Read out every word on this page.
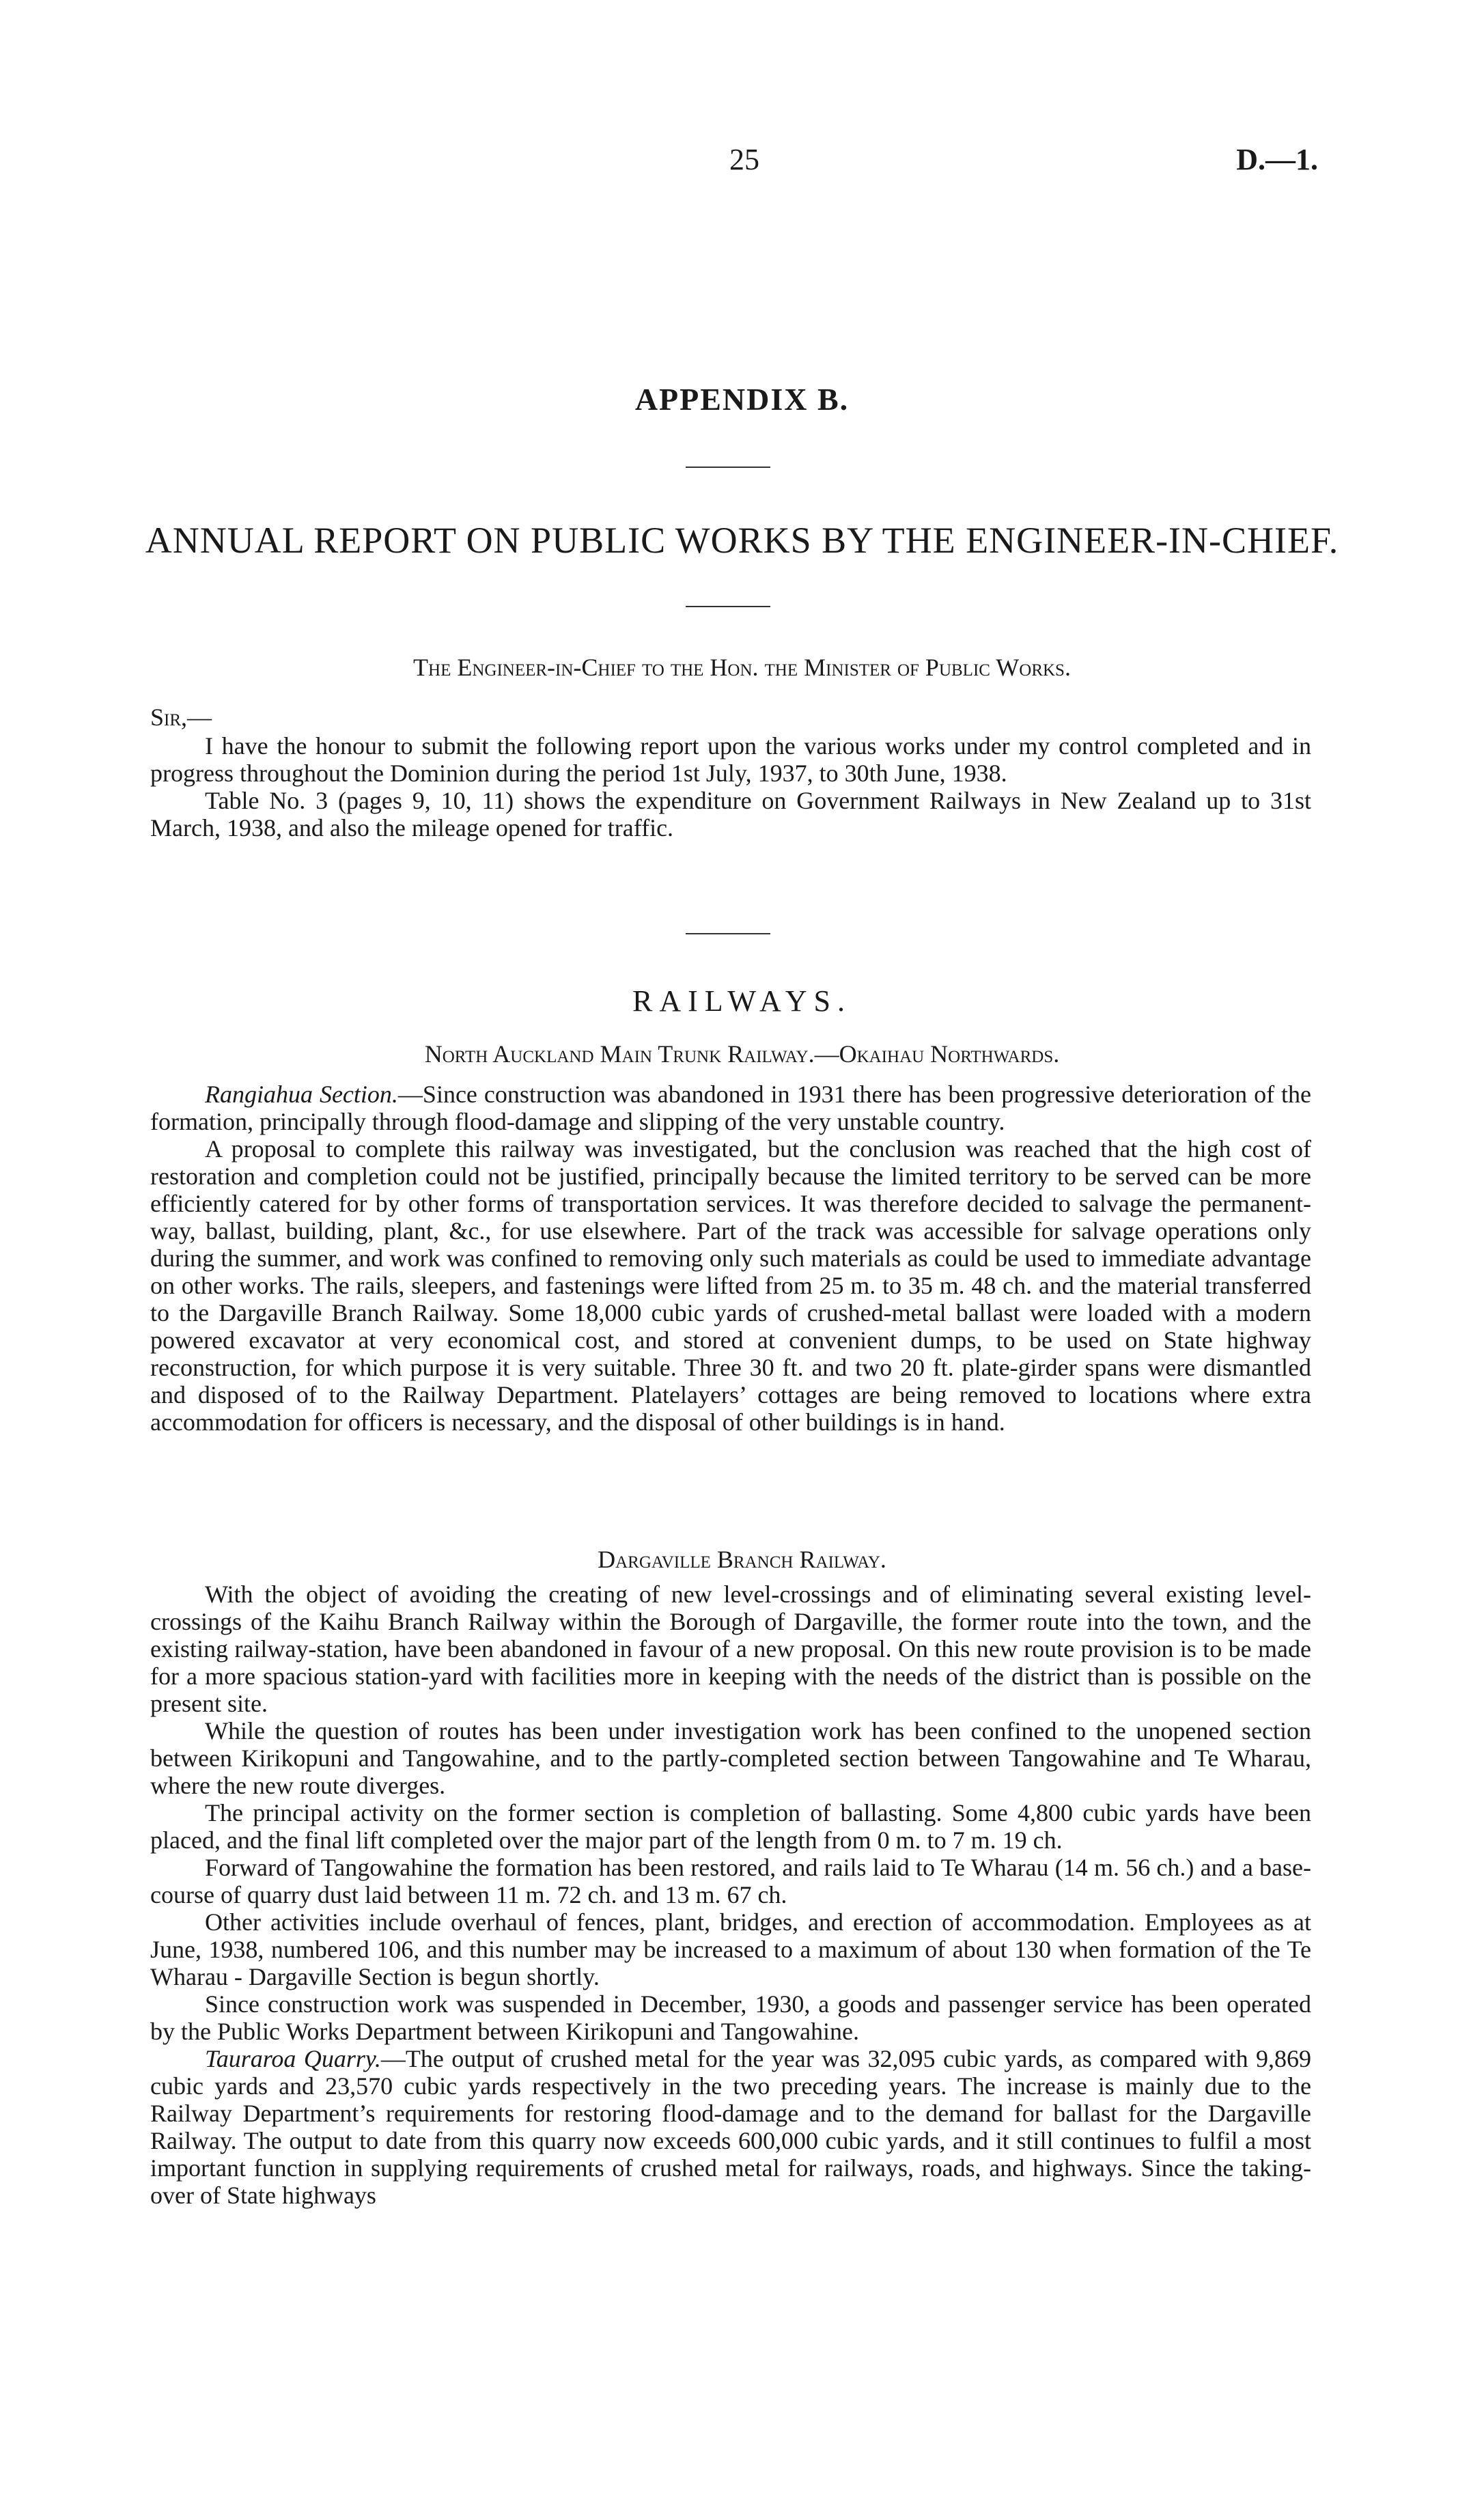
25	D.—1.
APPENDIX B.
ANNUAL REPORT ON PUBLIC WORKS BY THE ENGINEER-IN-CHIEF.
The Engineer-in-Chief to the Hon. the Minister of Public Works.
Sir,—

I have the honour to submit the following report upon the various works under my control completed and in progress throughout the Dominion during the period 1st July, 1937, to 30th June, 1938.

Table No. 3 (pages 9, 10, 11) shows the expenditure on Government Railways in New Zealand up to 31st March, 1938, and also the mileage opened for traffic.

RAILWAYS.
North Auckland Main Trunk Railway.—Okaihau Northwards.

Rangiahua Section.—Since construction was abandoned in 1931 there has been progressive deterioration of the formation, principally through flood-damage and slipping of the very unstable country.

A proposal to complete this railway was investigated, but the conclusion was reached that the high cost of restoration and completion could not be justified, principally because the limited territory to be served can be more efficiently catered for by other forms of transportation services. It was therefore decided to salvage the permanent-way, ballast, building, plant, &c., for use elsewhere. Part of the track was accessible for salvage operations only during the summer, and work was confined to removing only such materials as could be used to immediate advantage on other works. The rails, sleepers, and fastenings were lifted from 25 m. to 35 m. 48 ch. and the material transferred to the Dargaville Branch Railway. Some 18,000 cubic yards of crushed-metal ballast were loaded with a modern powered excavator at very economical cost, and stored at convenient dumps, to be used on State highway reconstruction, for which purpose it is very suitable. Three 30 ft. and two 20 ft. plate-girder spans were dismantled and disposed of to the Railway Department. Platelayers’ cottages are being removed to locations where extra accommodation for officers is necessary, and the disposal of other buildings is in hand.

Dargaville Branch Railway.

With the object of avoiding the creating of new level-crossings and of eliminating several existing level-crossings of the Kaihu Branch Railway within the Borough of Dargaville, the former route into the town, and the existing railway-station, have been abandoned in favour of a new proposal. On this new route provision is to be made for a more spacious station-yard with facilities more in keeping with the needs of the district than is possible on the present site.

While the question of routes has been under investigation work has been confined to the unopened section between Kirikopuni and Tangowahine, and to the partly-completed section between Tangowahine and Te Wharau, where the new route diverges.

The principal activity on the former section is completion of ballasting. Some 4,800 cubic yards have been placed, and the final lift completed over the major part of the length from 0 m. to 7 m. 19 ch.

Forward of Tangowahine the formation has been restored, and rails laid to Te Wharau (14 m. 56 ch.) and a base-course of quarry dust laid between 11 m. 72 ch. and 13 m. 67 ch.

Other activities include overhaul of fences, plant, bridges, and erection of accommodation. Employees as at June, 1938, numbered 106, and this number may be increased to a maximum of about 130 when formation of the Te Wharau - Dargaville Section is begun shortly.

Since construction work was suspended in December, 1930, a goods and passenger service has been operated by the Public Works Department between Kirikopuni and Tangowahine.

Tauraroa Quarry.—The output of crushed metal for the year was 32,095 cubic yards, as compared with 9,869 cubic yards and 23,570 cubic yards respectively in the two preceding years. The increase is mainly due to the Railway Department’s requirements for restoring flood-damage and to the demand for ballast for the Dargaville Railway. The output to date from this quarry now exceeds 600,000 cubic yards, and it still continues to fulfil a most important function in supplying requirements of crushed metal for railways, roads, and highways. Since the taking-over of State highways
